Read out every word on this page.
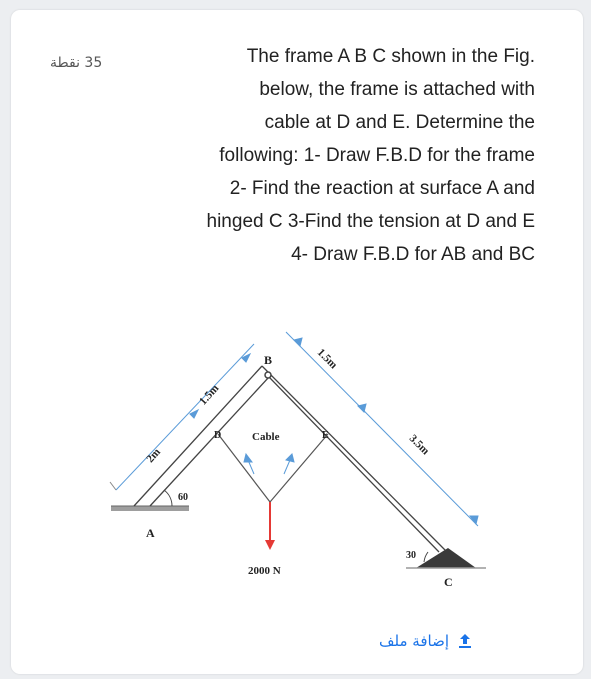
35 نقطة	The frame A B C shown in the Fig.
below, the frame is attached with
cable at D and E. Determine the
following: 1- Draw F.B.D for the frame
2- Find the reaction at surface A and
hinged C 3-Find the tension at D and E
4- Draw F.B.D for AB and BC
A
B
C
D	E
Cable
2000 N
60
30
2m
1.5m
1.5m
3.5m
إضافة ملف
